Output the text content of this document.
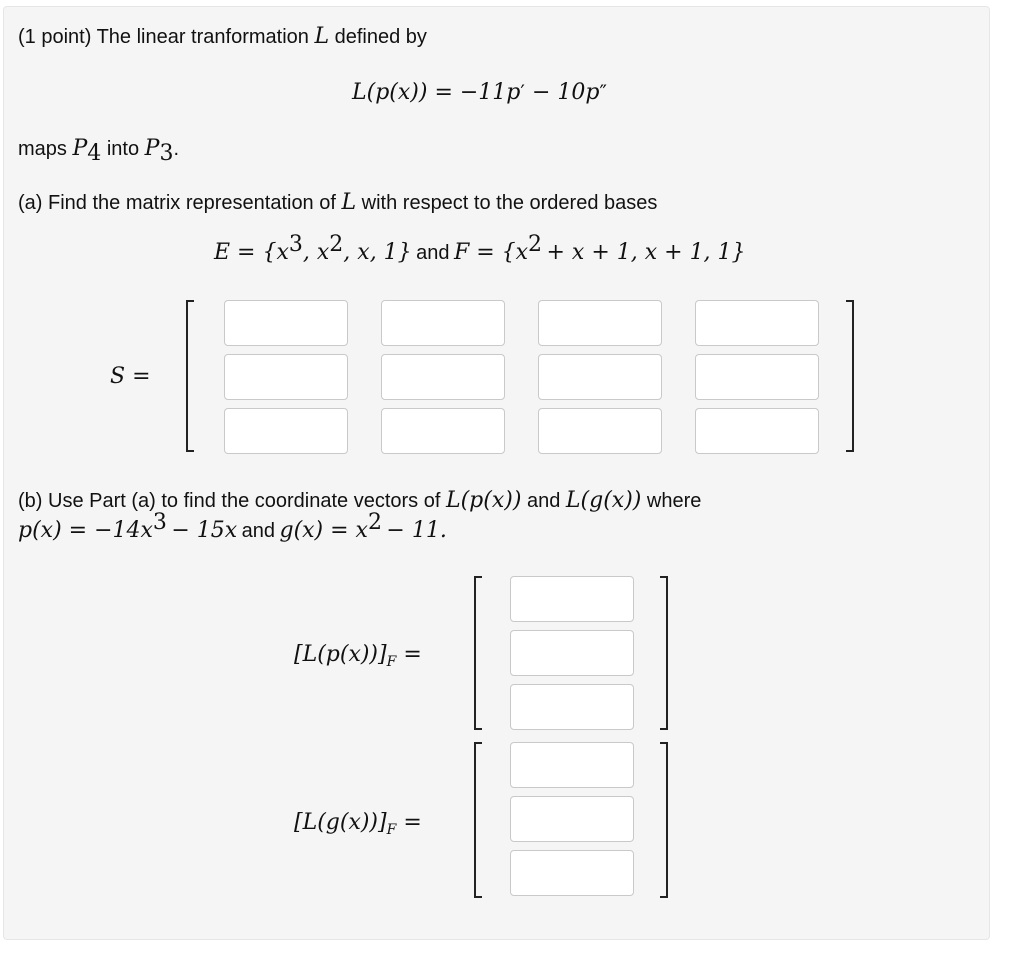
(1 point) The linear tranformation L defined by
L(p(x)) = −11p′ − 10p″
maps $P_4$ into $P_3$.
(a) Find the matrix representation of L with respect to the ordered bases
$E = \{x^3$, $x^2$, x, 1} and $F = \{x^2 + x + 1$, x + 1, 1}
S =
(b) Use Part (a) to find the coordinate vectors of L(p(x)) and L(g(x)) where
$p(x) = -14x^3 - 15x$ and $g(x) = x^2 - 11$.
$[L(p(x))]_F$ =
$[L(g(x))]_F$ =
